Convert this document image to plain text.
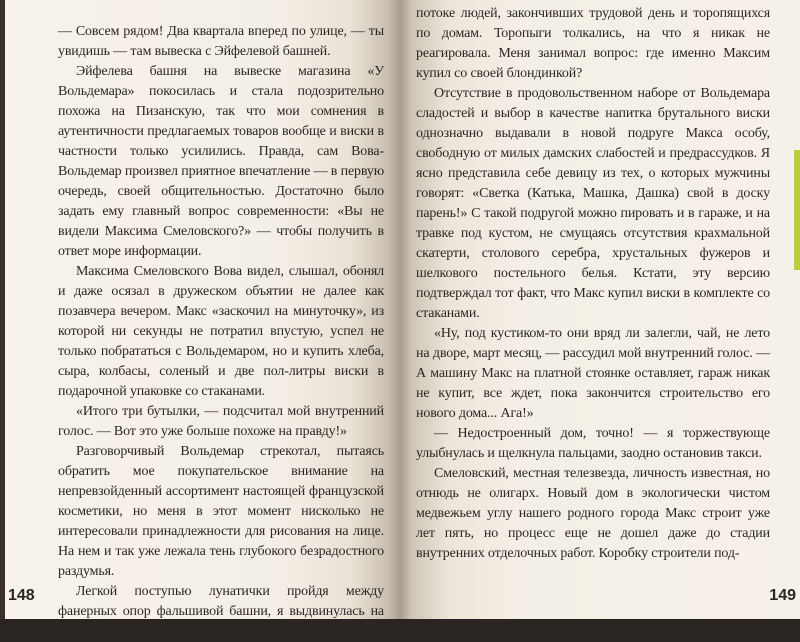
— Совсем рядом! Два квартала вперед по улице, — ты увидишь — там вывеска с Эйфелевой башней.

Эйфелева башня на вывеске магазина «У Вольдемара» покосилась и стала подозрительно похожа на Пизанскую, так что мои сомнения в аутентичности предлагаемых товаров вообще и виски в частности только усилились. Правда, сам Вова-Вольдемар произвел приятное впечатление — в первую очередь, своей общительностью. Достаточно было задать ему главный вопрос современности: «Вы не видели Максима Смеловского?» — чтобы получить в ответ море информации.

Максима Смеловского Вова видел, слышал, обонял и даже осязал в дружеском объятии не далее как позавчера вечером. Макс «заскочил на минуточку», из которой ни секунды не потратил впустую, успел не только побрататься с Вольдемаром, но и купить хлеба, сыра, колбасы, соленый и две пол-литры виски в подарочной упаковке со стаканами.

«Итого три бутылки, — подсчитал мой внутренний голос. — Вот это уже больше похоже на правду!»

Разговорчивый Вольдемар стрекотал, пытаясь обратить мое покупательское внимание на непревзойденный ассортимент настоящей французской косметики, но меня в этот момент нисколько не интересовали принадлежности для рисования на лице. На нем и так уже лежала тень глубокого безрадостного раздумья.

Легкой поступью лунатички пройдя между фанерных опор фальшивой башни, я выдвинулась на улицу и замороженным айсбергом поплыла в

148

потоке людей, закончивших трудовой день и торопящихся по домам. Торопыги толкались, на что я никак не реагировала. Меня занимал вопрос: где именно Максим купил со своей блондинкой?

Отсутствие в продовольственном наборе от Вольдемара сладостей и выбор в качестве напитка брутального виски однозначно выдавали в новой подруге Макса особу, свободную от милых дамских слабостей и предрассудков. Я ясно представила себе девицу из тех, о которых мужчины говорят: «Светка (Катька, Машка, Дашка) свой в доску парень!» С такой подругой можно пировать и в гараже, и на травке под кустом, не смущаясь отсутствия крахмальной скатерти, столового серебра, хрустальных фужеров и шелкового постельного белья. Кстати, эту версию подтверждал тот факт, что Макс купил виски в комплекте со стаканами.

«Ну, под кустиком-то они вряд ли залегли, чай, не лето на дворе, март месяц, — рассудил мой внутренний голос. — А машину Макс на платной стоянке оставляет, гараж никак не купит, все ждет, пока закончится строительство его нового дома... Ага!»

— Недостроенный дом, точно! — я торжествующе улыбнулась и щелкнула пальцами, заодно остановив такси.

Смеловский, местная телезвезда, личность известная, но отнюдь не олигарх. Новый дом в экологически чистом медвежьем углу нашего родного города Макс строит уже лет пять, но процесс еще не дошел даже до стадии внутренних отделочных работ. Коробку строители под-

149
